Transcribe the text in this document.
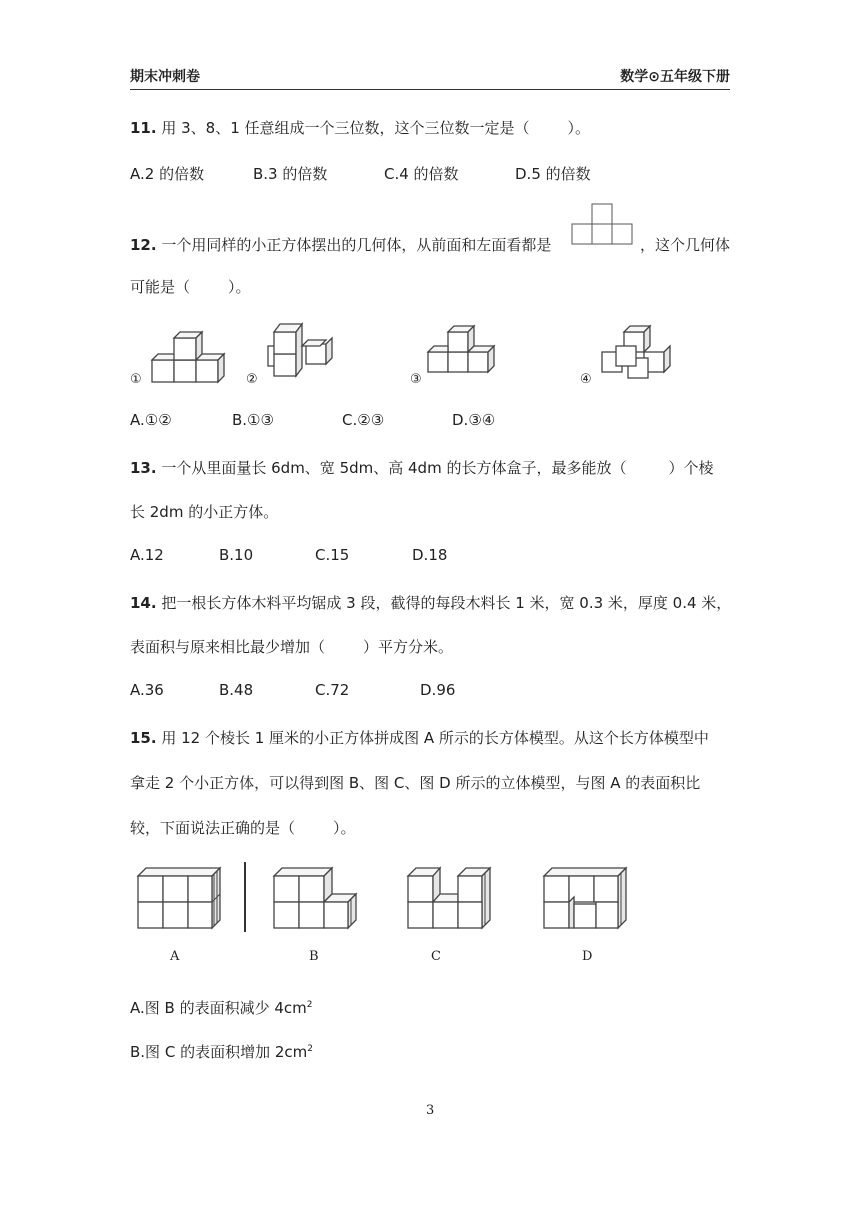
期末冲刺卷	数学⊙五年级下册
11. 用 3、8、1 任意组成一个三位数，这个三位数一定是（	）。
A.2 的倍数	B.3 的倍数	C.4 的倍数	D.5 的倍数
12. 一个用同样的小正方体摆出的几何体，从前面和左面看都是	，这个几何体
可能是（	）。
①	②	③	④
A.①②	B.①③	C.②③	D.③④
13. 一个从里面量长 6dm、宽 5dm、高 4dm 的长方体盒子，最多能放（	）个棱
长 2dm 的小正方体。
A.12	B.10	C.15	D.18
14. 把一根长方体木料平均锯成 3 段，截得的每段木料长 1 米，宽 0.3 米，厚度 0.4 米，
表面积与原来相比最少增加（	）平方分米。
A.36	B.48	C.72	D.96
15. 用 12 个棱长 1 厘米的小正方体拼成图 A 所示的长方体模型。从这个长方体模型中
拿走 2 个小正方体，可以得到图 B、图 C、图 D 所示的立体模型，与图 A 的表面积比
较，下面说法正确的是（	）。
A	B	C	D
A.图 B 的表面积减少 $4cm^2$
B.图 C 的表面积增加 $2cm^2$
3
